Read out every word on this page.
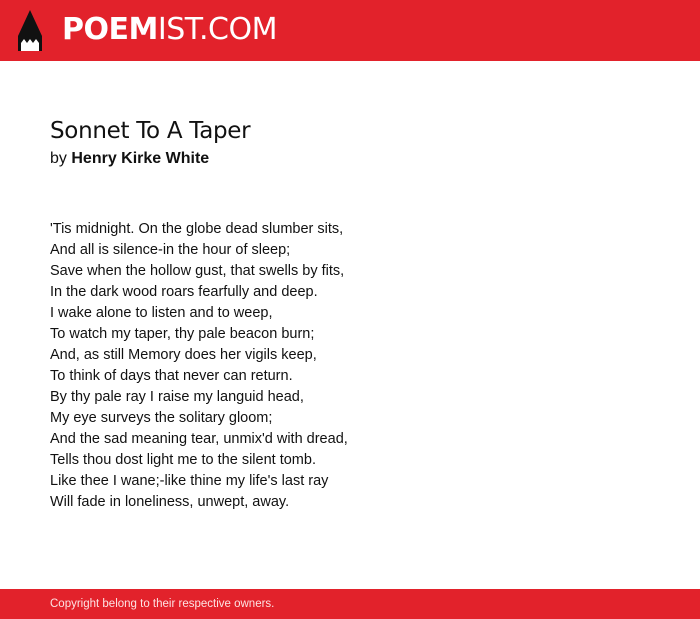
POEMIST.COM
Sonnet To A Taper
by Henry Kirke White
'Tis midnight. On the globe dead slumber sits,
And all is silence-in the hour of sleep;
Save when the hollow gust, that swells by fits,
In the dark wood roars fearfully and deep.
I wake alone to listen and to weep,
To watch my taper, thy pale beacon burn;
And, as still Memory does her vigils keep,
To think of days that never can return.
By thy pale ray I raise my languid head,
My eye surveys the solitary gloom;
And the sad meaning tear, unmix'd with dread,
Tells thou dost light me to the silent tomb.
Like thee I wane;-like thine my life's last ray
Will fade in loneliness, unwept, away.
Copyright belong to their respective owners.
